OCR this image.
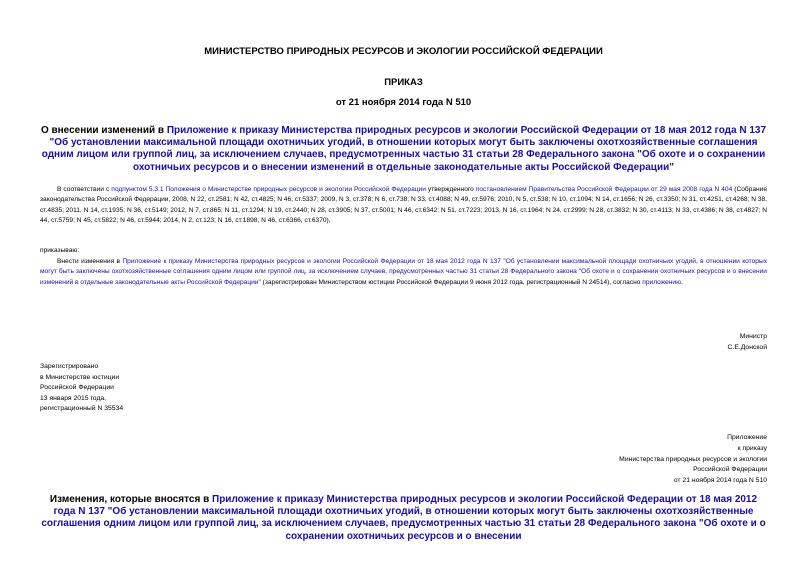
МИНИСТЕРСТВО ПРИРОДНЫХ РЕСУРСОВ И ЭКОЛОГИИ РОССИЙСКОЙ ФЕДЕРАЦИИ
ПРИКАЗ
от 21 ноября 2014 года N 510
О внесении изменений в Приложение к приказу Министерства природных ресурсов и экологии Российской Федерации от 18 мая 2012 года N 137 "Об установлении максимальной площади охотничьих угодий, в отношении которых могут быть заключены охотхозяйственные соглашения одним лицом или группой лиц, за исключением случаев, предусмотренных частью 31 статьи 28 Федерального закона "Об охоте и о сохранении охотничьих ресурсов и о внесении изменений в отдельные законодательные акты Российской Федерации"
В соответствии с подпунктом 5.3.1 Положения о Министерстве природных ресурсов и экологии Российской Федерации утвержденного постановлением Правительства Российской Федерации от 29 мая 2008 года N 404 (Собрание законодательства Российской Федерации, 2008, N 22, ст.2581; N 42, ст.4825; N 46, ст.5337; 2009, N 3, ст.378; N 6, ст.738; N 33, ст.4088; N 49, ст.5976; 2010, N 5, ст.538; N 10, ст.1094; N 14, ст.1656; N 26, ст.3350; N 31, ст.4251, ст.4268; N 38, ст.4835; 2011, N 14, ст.1935; N 36, ст.5149; 2012, N 7, ст.865; N 11, ст.1294; N 19, ст.2440; N 28, ст.3905; N 37, ст.5001; N 46, ст.6342; N 51, ст.7223; 2013, N 16, ст.1964; N 24, ст.2999; N 28, ст.3832; N 30, ст.4113; N 33, ст.4386; N 38, ст.4827; N 44, ст.5759; N 45, ст.5822; N 46, ст.5944; 2014, N 2, ст.123; N 16, ст.1898; N 46, ст.6366, ст.6370),
приказываю:
Внести изменения в Приложение к приказу Министерства природных ресурсов и экологии Российской Федерации от 18 мая 2012 года N 137 "Об установлении максимальной площади охотничьих угодий, в отношении которых могут быть заключены охотхозяйственные соглашения одним лицом или группой лиц, за исключением случаев, предусмотренных частью 31 статьи 28 Федерального закона "Об охоте и о сохранении охотничьих ресурсов и о внесении изменений в отдельные законодательные акты Российской Федерации" (зарегистрирован Министерством юстиции Российской Федерации 9 июня 2012 года, регистрационный N 24514), согласно приложению.
Министр
С.Е.Донской
Зарегистрировано
в Министерстве юстиции
Российской Федерации
13 января 2015 года,
регистрационный N 35534
Приложение
к приказу
Министерства природных ресурсов и экологии
Российской Федерации
от 21 ноября 2014 года N 510
Изменения, которые вносятся в Приложение к приказу Министерства природных ресурсов и экологии Российской Федерации от 18 мая 2012 года N 137 "Об установлении максимальной площади охотничьих угодий, в отношении которых могут быть заключены охотхозяйственные соглашения одним лицом или группой лиц, за исключением случаев, предусмотренных частью 31 статьи 28 Федерального закона "Об охоте и о сохранении охотничьих ресурсов и о внесении
